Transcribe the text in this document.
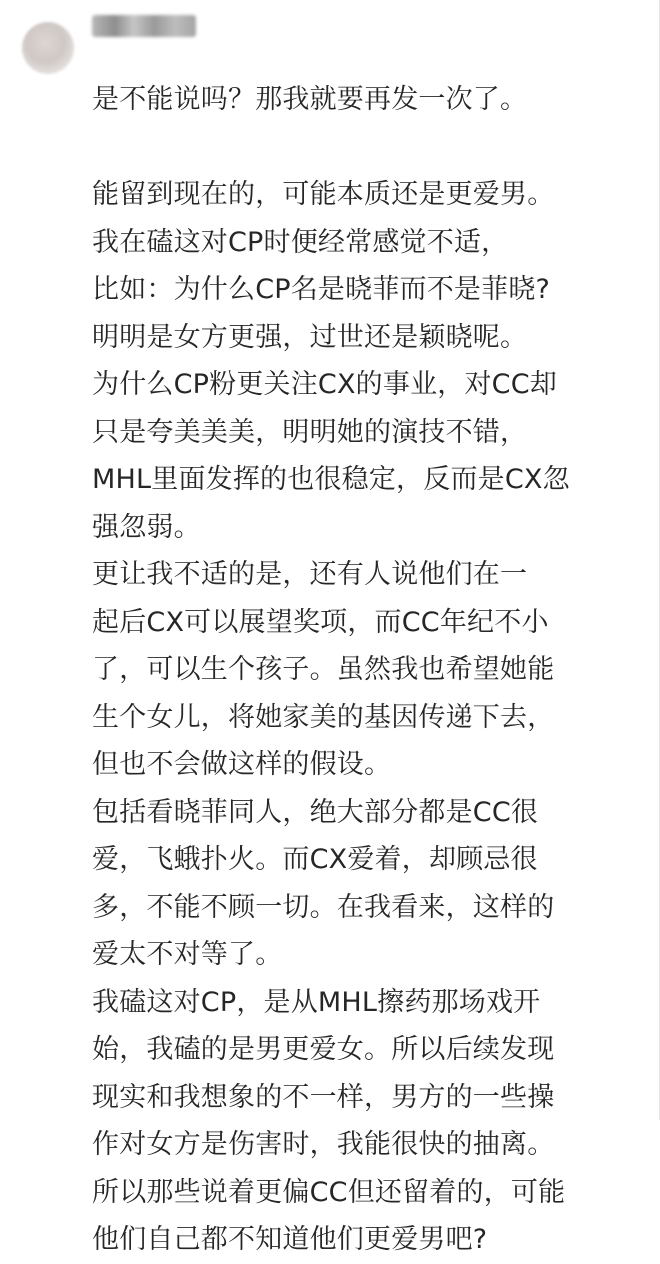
是不能说吗？那我就要再发一次了。
能留到现在的，可能本质还是更爱男。
我在磕这对CP时便经常感觉不适，
比如：为什么CP名是晓菲而不是菲晓?
明明是女方更强，过世还是颖晓呢。
为什么CP粉更关注CX的事业，对CC却
只是夸美美美，明明她的演技不错，
MHL里面发挥的也很稳定，反而是CX忽
强忽弱。
更让我不适的是，还有人说他们在一
起后CX可以展望奖项，而CC年纪不小
了，可以生个孩子。虽然我也希望她能
生个女儿，将她家美的基因传递下去，
但也不会做这样的假设。
包括看晓菲同人，绝大部分都是CC很
爱，飞蛾扑火。而CX爱着，却顾忌很
多，不能不顾一切。在我看来，这样的
爱太不对等了。
我磕这对CP，是从MHL擦药那场戏开
始，我磕的是男更爱女。所以后续发现
现实和我想象的不一样，男方的一些操
作对女方是伤害时，我能很快的抽离。
所以那些说着更偏CC但还留着的，可能
他们自己都不知道他们更爱男吧?
